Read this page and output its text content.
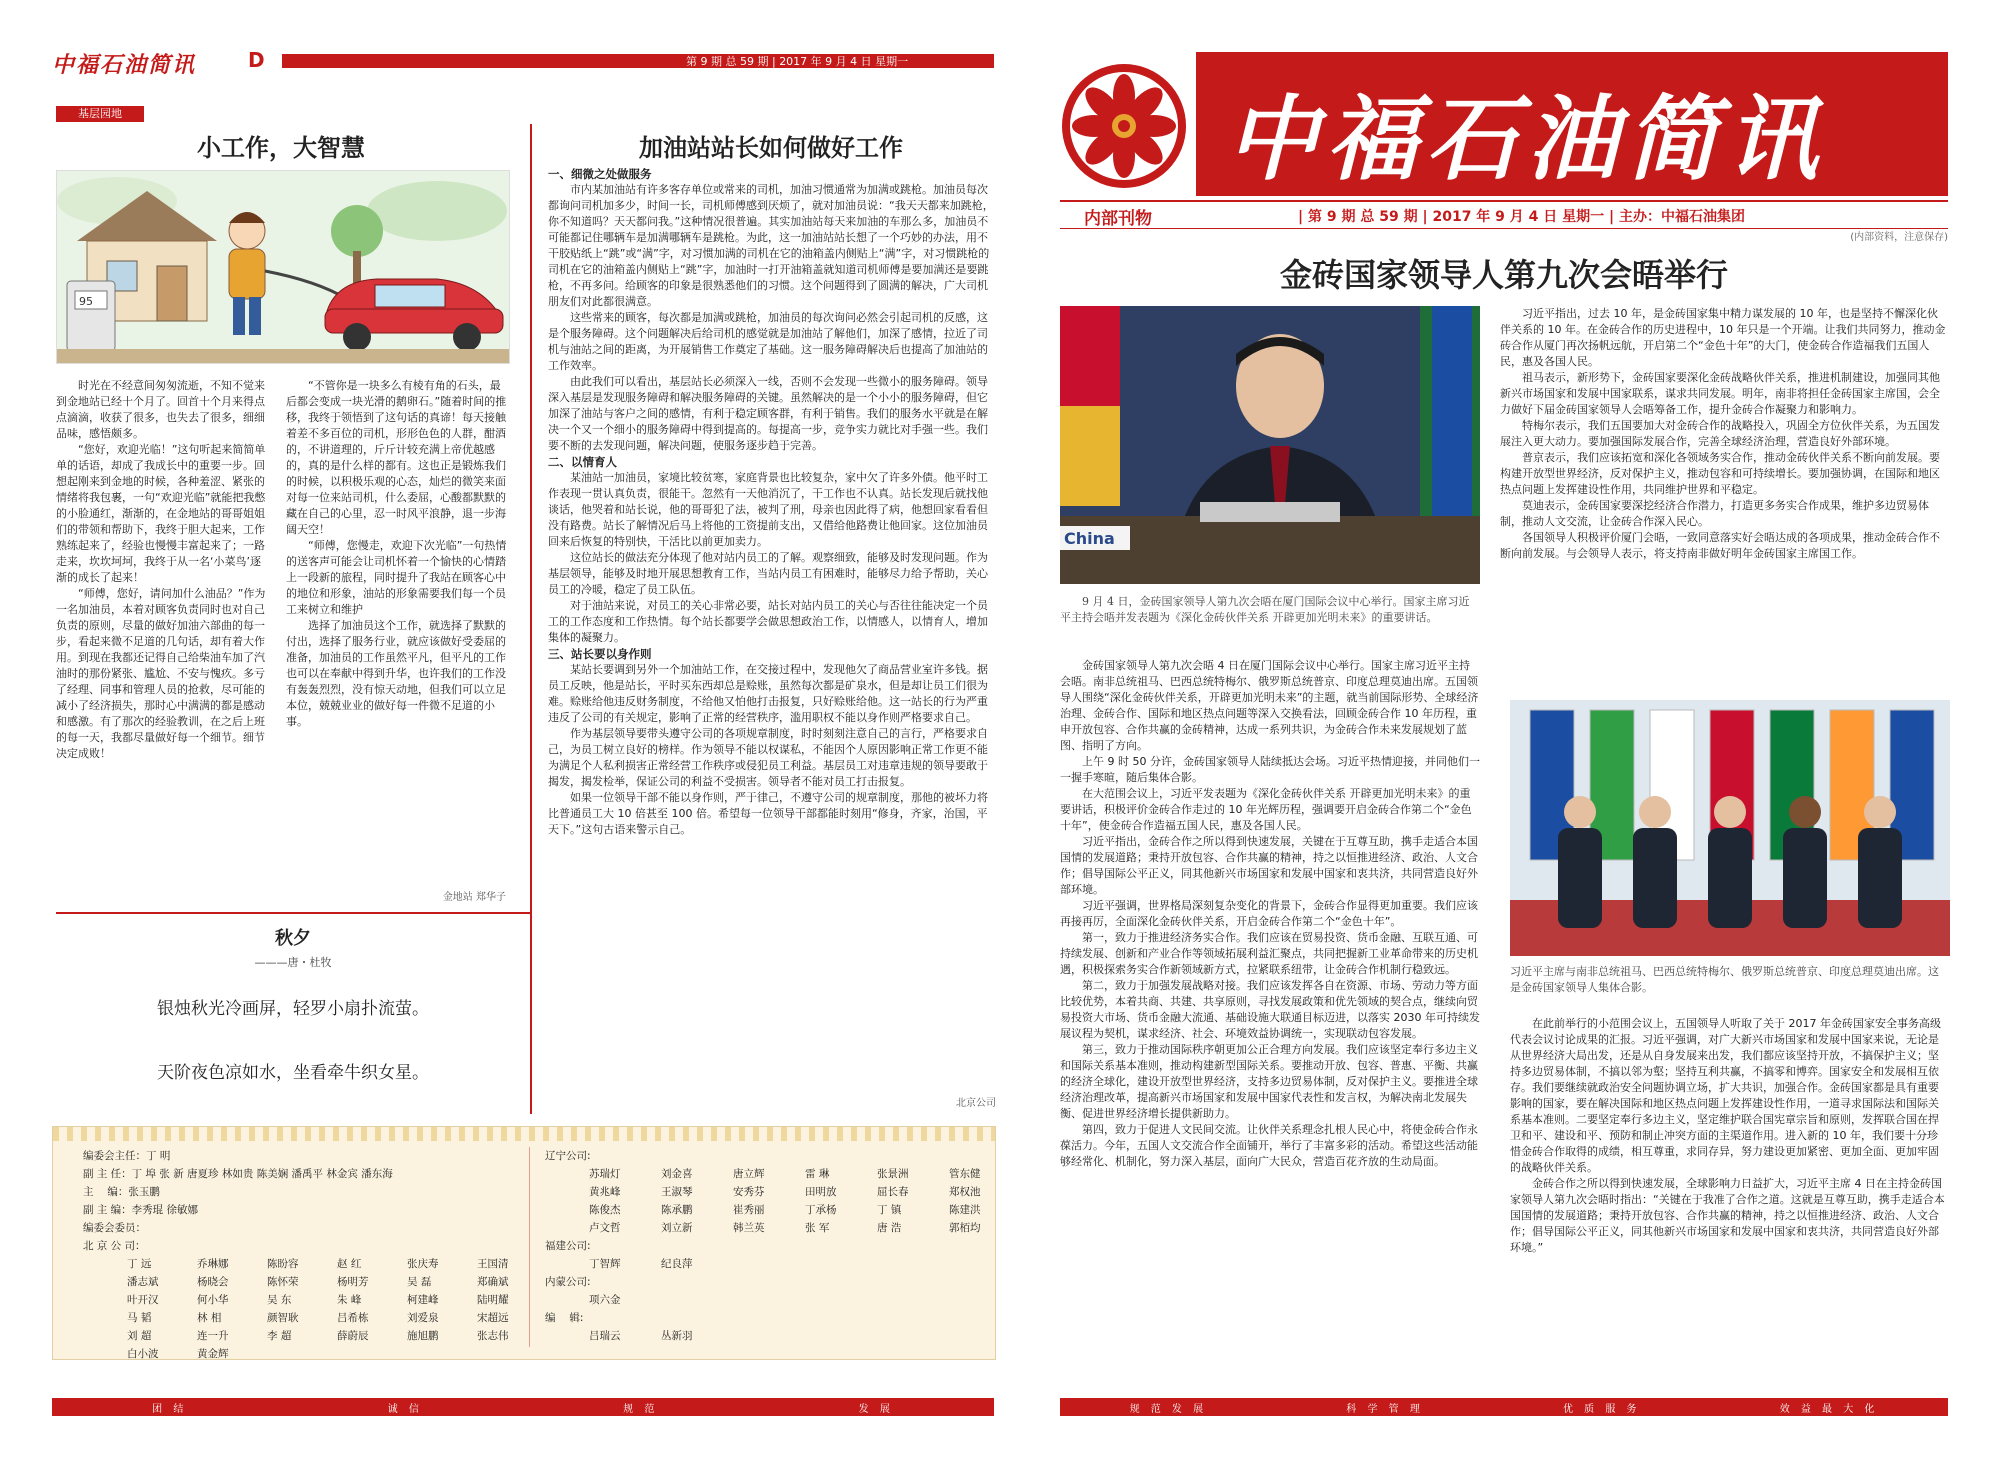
中福石油简讯	D	第 9 期 总 59 期 | 2017 年 9 月 4 日 星期一
基层园地
小工作，大智慧
95

时光在不经意间匆匆流逝，不知不觉来到金地站已经十个月了。回首十个月来得点点滴滴，收获了很多，也失去了很多，细细品味，感悟颇多。

“您好，欢迎光临！”这句听起来简简单单的话语，却成了我成长中的重要一步。回想起刚来到金地的时候，各种羞涩、紧张的情绪将我包裹，一句“欢迎光临”就能把我憋的小脸通红，渐渐的，在金地站的哥哥姐姐们的带领和帮助下，我终于胆大起来，工作熟练起来了，经验也慢慢丰富起来了；一路走来，坎坎坷坷，我终于从一名‘小菜鸟’逐渐的成长了起来！

“师傅，您好，请问加什么油品？”作为一名加油员，本着对顾客负责同时也对自己负责的原则，尽量的做好加油六部曲的每一步，看起来微不足道的几句话，却有着大作用。到现在我都还记得自己给柴油车加了汽油时的那份紧张、尴尬、不安与愧疚。多亏了经理、同事和管理人员的抢救，尽可能的减小了经济损失，那时心中满满的都是感动和感激。有了那次的经验教训，在之后上班的每一天，我都尽量做好每一个细节。细节决定成败！

“不管你是一块多么有棱有角的石头，最后都会变成一块光滑的鹅卵石。”随着时间的推移，我终于领悟到了这句话的真谛！每天接触着差不多百位的司机，形形色色的人群，酣酒的，不讲道理的，斤斤计较充满上帝优越感的，真的是什么样的都有。这也正是锻炼我们的时候，以积极乐观的心态，灿烂的微笑来面对每一位来站司机，什么委屈，心酸都默默的藏在自己的心里，忍一时风平浪静，退一步海阔天空！

“师傅，您慢走，欢迎下次光临”一句热情的送客声可能会让司机怀着一个愉快的心情踏上一段新的旅程，同时提升了我站在顾客心中的地位和形象，油站的形象需要我们每一个员工来树立和维护

选择了加油员这个工作，就选择了默默的付出，选择了服务行业，就应该做好受委屈的准备，加油员的工作虽然平凡，但平凡的工作也可以在奉献中得到升华，也许我们的工作没有轰轰烈烈，没有惊天动地，但我们可以立足本位，兢兢业业的做好每一件微不足道的小事。

金地站 郑华子
秋夕
———唐・杜牧
银烛秋光冷画屏，轻罗小扇扑流萤。
天阶夜色凉如水，坐看牵牛织女星。
加油站站长如何做好工作

一、细微之处做服务

市内某加油站有许多客存单位或常来的司机，加油习惯通常为加满或跳枪。加油员每次都询问司机加多少，时间一长，司机师傅感到厌烦了，就对加油员说：“我天天都来加跳枪，你不知道吗？天天都问我。”这种情况很普遍。其实加油站每天来加油的车那么多，加油员不可能都记住哪辆车是加满哪辆车是跳枪。为此，这一加油站站长想了一个巧妙的办法，用不干胶贴纸上“跳”或“满”字，对习惯加满的司机在它的油箱盖内侧贴上“满”字，对习惯跳枪的司机在它的油箱盖内侧贴上“跳”字，加油时一打开油箱盖就知道司机师傅是要加满还是要跳枪，不再多问。给顾客的印象是很熟悉他们的习惯。这个问题得到了圆满的解决，广大司机朋友们对此都很满意。

这些常来的顾客，每次都是加满或跳枪，加油员的每次询问必然会引起司机的反感，这是个服务障碍。这个问题解决后给司机的感觉就是加油站了解他们，加深了感情，拉近了司机与油站之间的距离，为开展销售工作奠定了基础。这一服务障碍解决后也提高了加油站的工作效率。

由此我们可以看出，基层站长必须深入一线，否则不会发现一些微小的服务障碍。领导深入基层是发现服务障碍和解决服务障碍的关键。虽然解决的是一个小小的服务障碍，但它加深了油站与客户之间的感情，有利于稳定顾客群，有利于销售。我们的服务水平就是在解决一个又一个细小的服务障碍中得到提高的。每提高一步，竞争实力就比对手强一些。我们要不断的去发现问题，解决问题，使服务逐步趋于完善。

二、以情育人

某油站一加油员，家境比较贫寒，家庭背景也比较复杂，家中欠了许多外债。他平时工作表现一贯认真负责，很能干。忽然有一天他消沉了，干工作也不认真。站长发现后就找他谈话，他哭着和站长说，他的哥哥犯了法，被判了刑，母亲也因此得了病，他想回家看看但没有路费。站长了解情况后马上将他的工资提前支出，又借给他路费让他回家。这位加油员回来后恢复的特别快，干活比以前更加卖力。

这位站长的做法充分体现了他对站内员工的了解。观察细致，能够及时发现问题。作为基层领导，能够及时地开展思想教育工作，当站内员工有困难时，能够尽力给予帮助，关心员工的冷暖，稳定了员工队伍。

对于油站来说，对员工的关心非常必要，站长对站内员工的关心与否往往能决定一个员工的工作态度和工作热情。每个站长都要学会做思想政治工作，以情感人，以情育人，增加集体的凝聚力。

三、站长要以身作则

某站长要调到另外一个加油站工作，在交接过程中，发现他欠了商品营业室许多钱。据员工反映，他是站长，平时买东西却总是赊账，虽然每次都是矿泉水，但是却让员工们很为难。赊账给他违反财务制度，不给他又怕他打击报复，只好赊账给他。这一站长的行为严重违反了公司的有关规定，影响了正常的经营秩序，滥用职权不能以身作则严格要求自己。

作为基层领导要带头遵守公司的各项规章制度，时时刻刻注意自己的言行，严格要求自己，为员工树立良好的榜样。作为领导不能以权谋私，不能因个人原因影响正常工作更不能为满足个人私利损害正常经营工作秩序或侵犯员工利益。基层员工对违章违规的领导要敢于揭发，揭发检举，保证公司的利益不受损害。领导者不能对员工打击报复。

如果一位领导干部不能以身作则，严于律己，不遵守公司的规章制度，那他的被坏力将比普通员工大 10 倍甚至 100 倍。希望每一位领导干部都能时刻用“修身，齐家，治国，平天下。”这句古语来警示自己。

北京公司
编委会主任：丁 明
副 主 任：丁 埠 张 新 唐夏珍 林如贵 陈美娴 潘禹平 林金宾 潘东海
主　 编：张玉鹏
副 主 编：李秀琨 徐敏娜
编委会委员：
北 京 公 司：
丁 远	乔琳娜	陈盼容	赵 红	张庆寿	王国清
潘志斌	杨晓会	陈怀荣	杨明芳	吴 磊	郑确斌
叶开汉	何小华	吴 东	朱 峰	柯建峰	陆明耀
马 韬	林 相	颜智耿	吕希栋	刘爱泉	宋超远
刘 超	连一升	李 超	薛蔚辰	施旭鹏	张志伟
白小波	黄金辉
辽宁公司:
苏瑞灯	刘金喜	唐立辉	雷 琳	张景洲	管东健
黄兆峰	王淑琴	安秀芬	田明放	屈长春	郑权池
陈俊杰	陈承鹏	崔秀丽	丁承杨	丁 镇	陈建洪
卢文哲	刘立新	韩兰英	张 军	唐 浩	郭栢均
福建公司:
丁智辉	纪良萍
内蒙公司:
项六金
编　 辑:
吕瑞云	丛新羽
团 结	诚 信	规 范	发 展
中福石油简讯
内部刊物	| 第 9 期 总 59 期 | 2017 年 9 月 4 日 星期一 | 主办：中福石油集团
(内部资料，注意保存)
金砖国家领导人第九次会晤举行
China
9 月 4 日，金砖国家领导人第九次会晤在厦门国际会议中心举行。国家主席习近平主持会晤并发表题为《深化金砖伙伴关系 开辟更加光明未来》的重要讲话。

金砖国家领导人第九次会晤 4 日在厦门国际会议中心举行。国家主席习近平主持会晤。南非总统祖马、巴西总统特梅尔、俄罗斯总统普京、印度总理莫迪出席。五国领导人围绕“深化金砖伙伴关系，开辟更加光明未来”的主题，就当前国际形势、全球经济治理、金砖合作、国际和地区热点问题等深入交换看法，回顾金砖合作 10 年历程，重申开放包容、合作共赢的金砖精神，达成一系列共识，为金砖合作未来发展规划了蓝图、指明了方向。

上午 9 时 50 分许，金砖国家领导人陆续抵达会场。习近平热情迎接，并同他们一一握手寒暄，随后集体合影。

在大范围会议上，习近平发表题为《深化金砖伙伴关系 开辟更加光明未来》的重要讲话，积极评价金砖合作走过的 10 年光辉历程，强调要开启金砖合作第二个“金色十年”，使金砖合作造福五国人民，惠及各国人民。

习近平指出，金砖合作之所以得到快速发展，关键在于互尊互助，携手走适合本国国情的发展道路；秉持开放包容、合作共赢的精神，持之以恒推进经济、政治、人文合作；倡导国际公平正义，同其他新兴市场国家和发展中国家和衷共济，共同营造良好外部环境。

习近平强调，世界格局深刻复杂变化的背景下，金砖合作显得更加重要。我们应该再接再厉，全面深化金砖伙伴关系，开启金砖合作第二个“金色十年”。

第一，致力于推进经济务实合作。我们应该在贸易投资、货币金融、互联互通、可持续发展、创新和产业合作等领域拓展利益汇聚点，共同把握新工业革命带来的历史机遇，积极探索务实合作新领域新方式，拉紧联系纽带，让金砖合作机制行稳致远。

第二，致力于加强发展战略对接。我们应该发挥各自在资源、市场、劳动力等方面比较优势，本着共商、共建、共享原则，寻找发展政策和优先领域的契合点，继续向贸易投资大市场、货币金融大流通、基础设施大联通目标迈进，以落实 2030 年可持续发展议程为契机，谋求经济、社会、环境效益协调统一，实现联动包容发展。

第三，致力于推动国际秩序朝更加公正合理方向发展。我们应该坚定奉行多边主义和国际关系基本准则，推动构建新型国际关系。要推动开放、包容、普惠、平衡、共赢的经济全球化，建设开放型世界经济，支持多边贸易体制，反对保护主义。要推进全球经济治理改革，提高新兴市场国家和发展中国家代表性和发言权，为解决南北发展失衡、促进世界经济增长提供新助力。

第四，致力于促进人文民间交流。让伙伴关系理念扎根人民心中，将使金砖合作永葆活力。今年，五国人文交流合作全面铺开，举行了丰富多彩的活动。希望这些活动能够经常化、机制化，努力深入基层，面向广大民众，营造百花齐放的生动局面。

习近平指出，过去 10 年，是金砖国家集中精力谋发展的 10 年，也是坚持不懈深化伙伴关系的 10 年。在金砖合作的历史进程中，10 年只是一个开端。让我们共同努力，推动金砖合作从厦门再次扬帆远航，开启第二个“金色十年”的大门，使金砖合作造福我们五国人民，惠及各国人民。

祖马表示，新形势下，金砖国家要深化金砖战略伙伴关系，推进机制建设，加强同其他新兴市场国家和发展中国家联系，谋求共同发展。明年，南非将担任金砖国家主席国，会全力做好下届金砖国家领导人会晤筹备工作，提升金砖合作凝聚力和影响力。

特梅尔表示，我们五国要加大对金砖合作的战略投入，巩固全方位伙伴关系，为五国发展注入更大动力。要加强国际发展合作，完善全球经济治理，营造良好外部环境。

普京表示，我们应该拓宽和深化各领域务实合作，推动金砖伙伴关系不断向前发展。要构建开放型世界经济，反对保护主义，推动包容和可持续增长。要加强协调，在国际和地区热点问题上发挥建设性作用，共同维护世界和平稳定。

莫迪表示，金砖国家要深挖经济合作潜力，打造更多务实合作成果，维护多边贸易体制，推动人文交流，让金砖合作深入民心。

各国领导人积极评价厦门会晤，一致同意落实好会晤达成的各项成果，推动金砖合作不断向前发展。与会领导人表示，将支持南非做好明年金砖国家主席国工作。

习近平主席与南非总统祖马、巴西总统特梅尔、俄罗斯总统普京、印度总理莫迪出席。这是金砖国家领导人集体合影。

在此前举行的小范围会议上，五国领导人听取了关于 2017 年金砖国家安全事务高级代表会议讨论成果的汇报。习近平强调，对广大新兴市场国家和发展中国家来说，无论是从世界经济大局出发，还是从自身发展来出发，我们都应该坚持开放，不搞保护主义；坚持多边贸易体制，不搞以邻为壑；坚持互利共赢，不搞零和博弈。国家安全和发展相互依存。我们要继续就政治安全问题协调立场，扩大共识，加强合作。金砖国家都是具有重要影响的国家，要在解决国际和地区热点问题上发挥建设性作用，一道寻求国际法和国际关系基本准则。二要坚定奉行多边主义，坚定维护联合国宪章宗旨和原则，发挥联合国在捍卫和平、建设和平、预防和制止冲突方面的主渠道作用。进入新的 10 年，我们要十分珍惜金砖合作取得的成绩，相互尊重，求同存异，努力建设更加紧密、更加全面、更加牢固的战略伙伴关系。

金砖合作之所以得到快速发展，全球影响力日益扩大，习近平主席 4 日在主持金砖国家领导人第九次会晤时指出：“关键在于我准了合作之道。这就是互尊互助，携手走适合本国国情的发展道路；秉持开放包容、合作共赢的精神，持之以恒推进经济、政治、人文合作；倡导国际公平正义，同其他新兴市场国家和发展中国家和衷共济，共同营造良好外部环境。”

规 范 发 展	科 学 管 理	优 质 服 务	效 益 最 大 化
